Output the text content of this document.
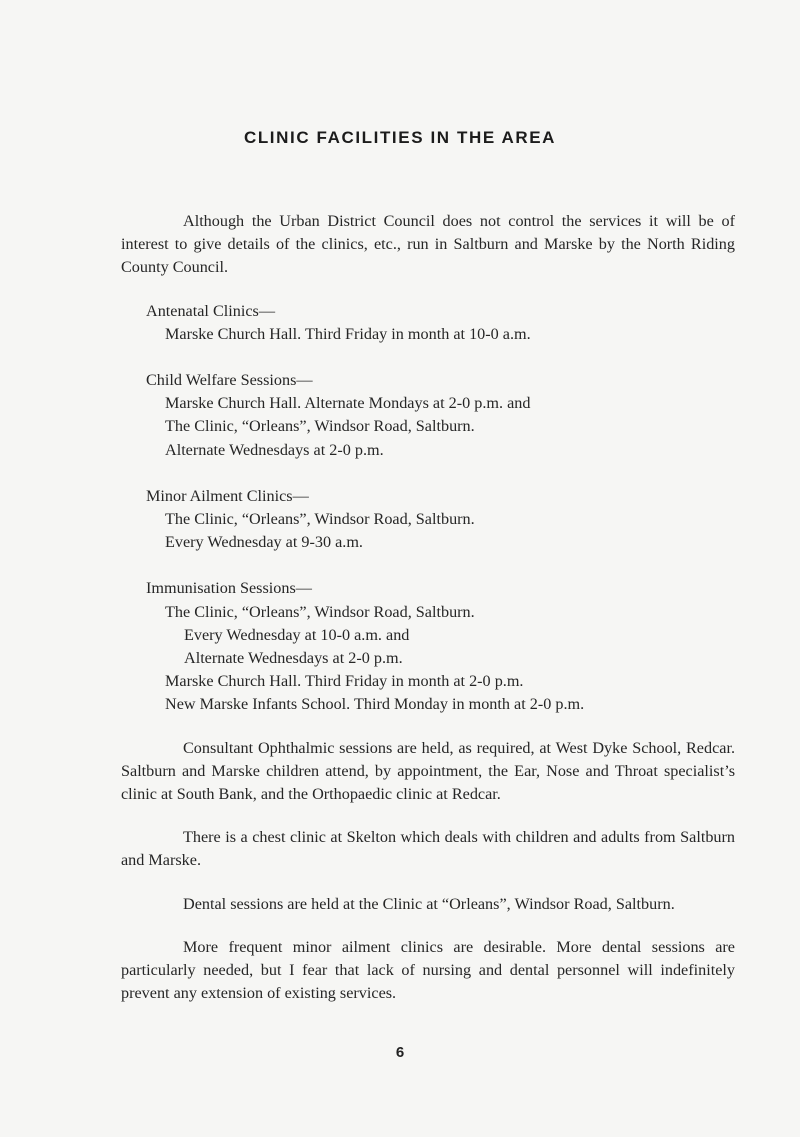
CLINIC FACILITIES IN THE AREA

Although the Urban District Council does not control the services it will be of interest to give details of the clinics, etc., run in Saltburn and Marske by the North Riding County Council.

Antenatal Clinics—
Marske Church Hall. Third Friday in month at 10-0 a.m.
Child Welfare Sessions—
Marske Church Hall. Alternate Mondays at 2-0 p.m. and
The Clinic, “Orleans”, Windsor Road, Saltburn.
Alternate Wednesdays at 2-0 p.m.
Minor Ailment Clinics—
The Clinic, “Orleans”, Windsor Road, Saltburn.
Every Wednesday at 9-30 a.m.
Immunisation Sessions—
The Clinic, “Orleans”, Windsor Road, Saltburn.
Every Wednesday at 10-0 a.m. and
Alternate Wednesdays at 2-0 p.m.
Marske Church Hall. Third Friday in month at 2-0 p.m.
New Marske Infants School. Third Monday in month at 2-0 p.m.

Consultant Ophthalmic sessions are held, as required, at West Dyke School, Redcar. Saltburn and Marske children attend, by appointment, the Ear, Nose and Throat specialist’s clinic at South Bank, and the Orthopaedic clinic at Redcar.

There is a chest clinic at Skelton which deals with children and adults from Saltburn and Marske.

Dental sessions are held at the Clinic at “Orleans”, Windsor Road, Saltburn.

More frequent minor ailment clinics are desirable. More dental sessions are particularly needed, but I fear that lack of nursing and dental personnel will indefinitely prevent any extension of existing services.

6
